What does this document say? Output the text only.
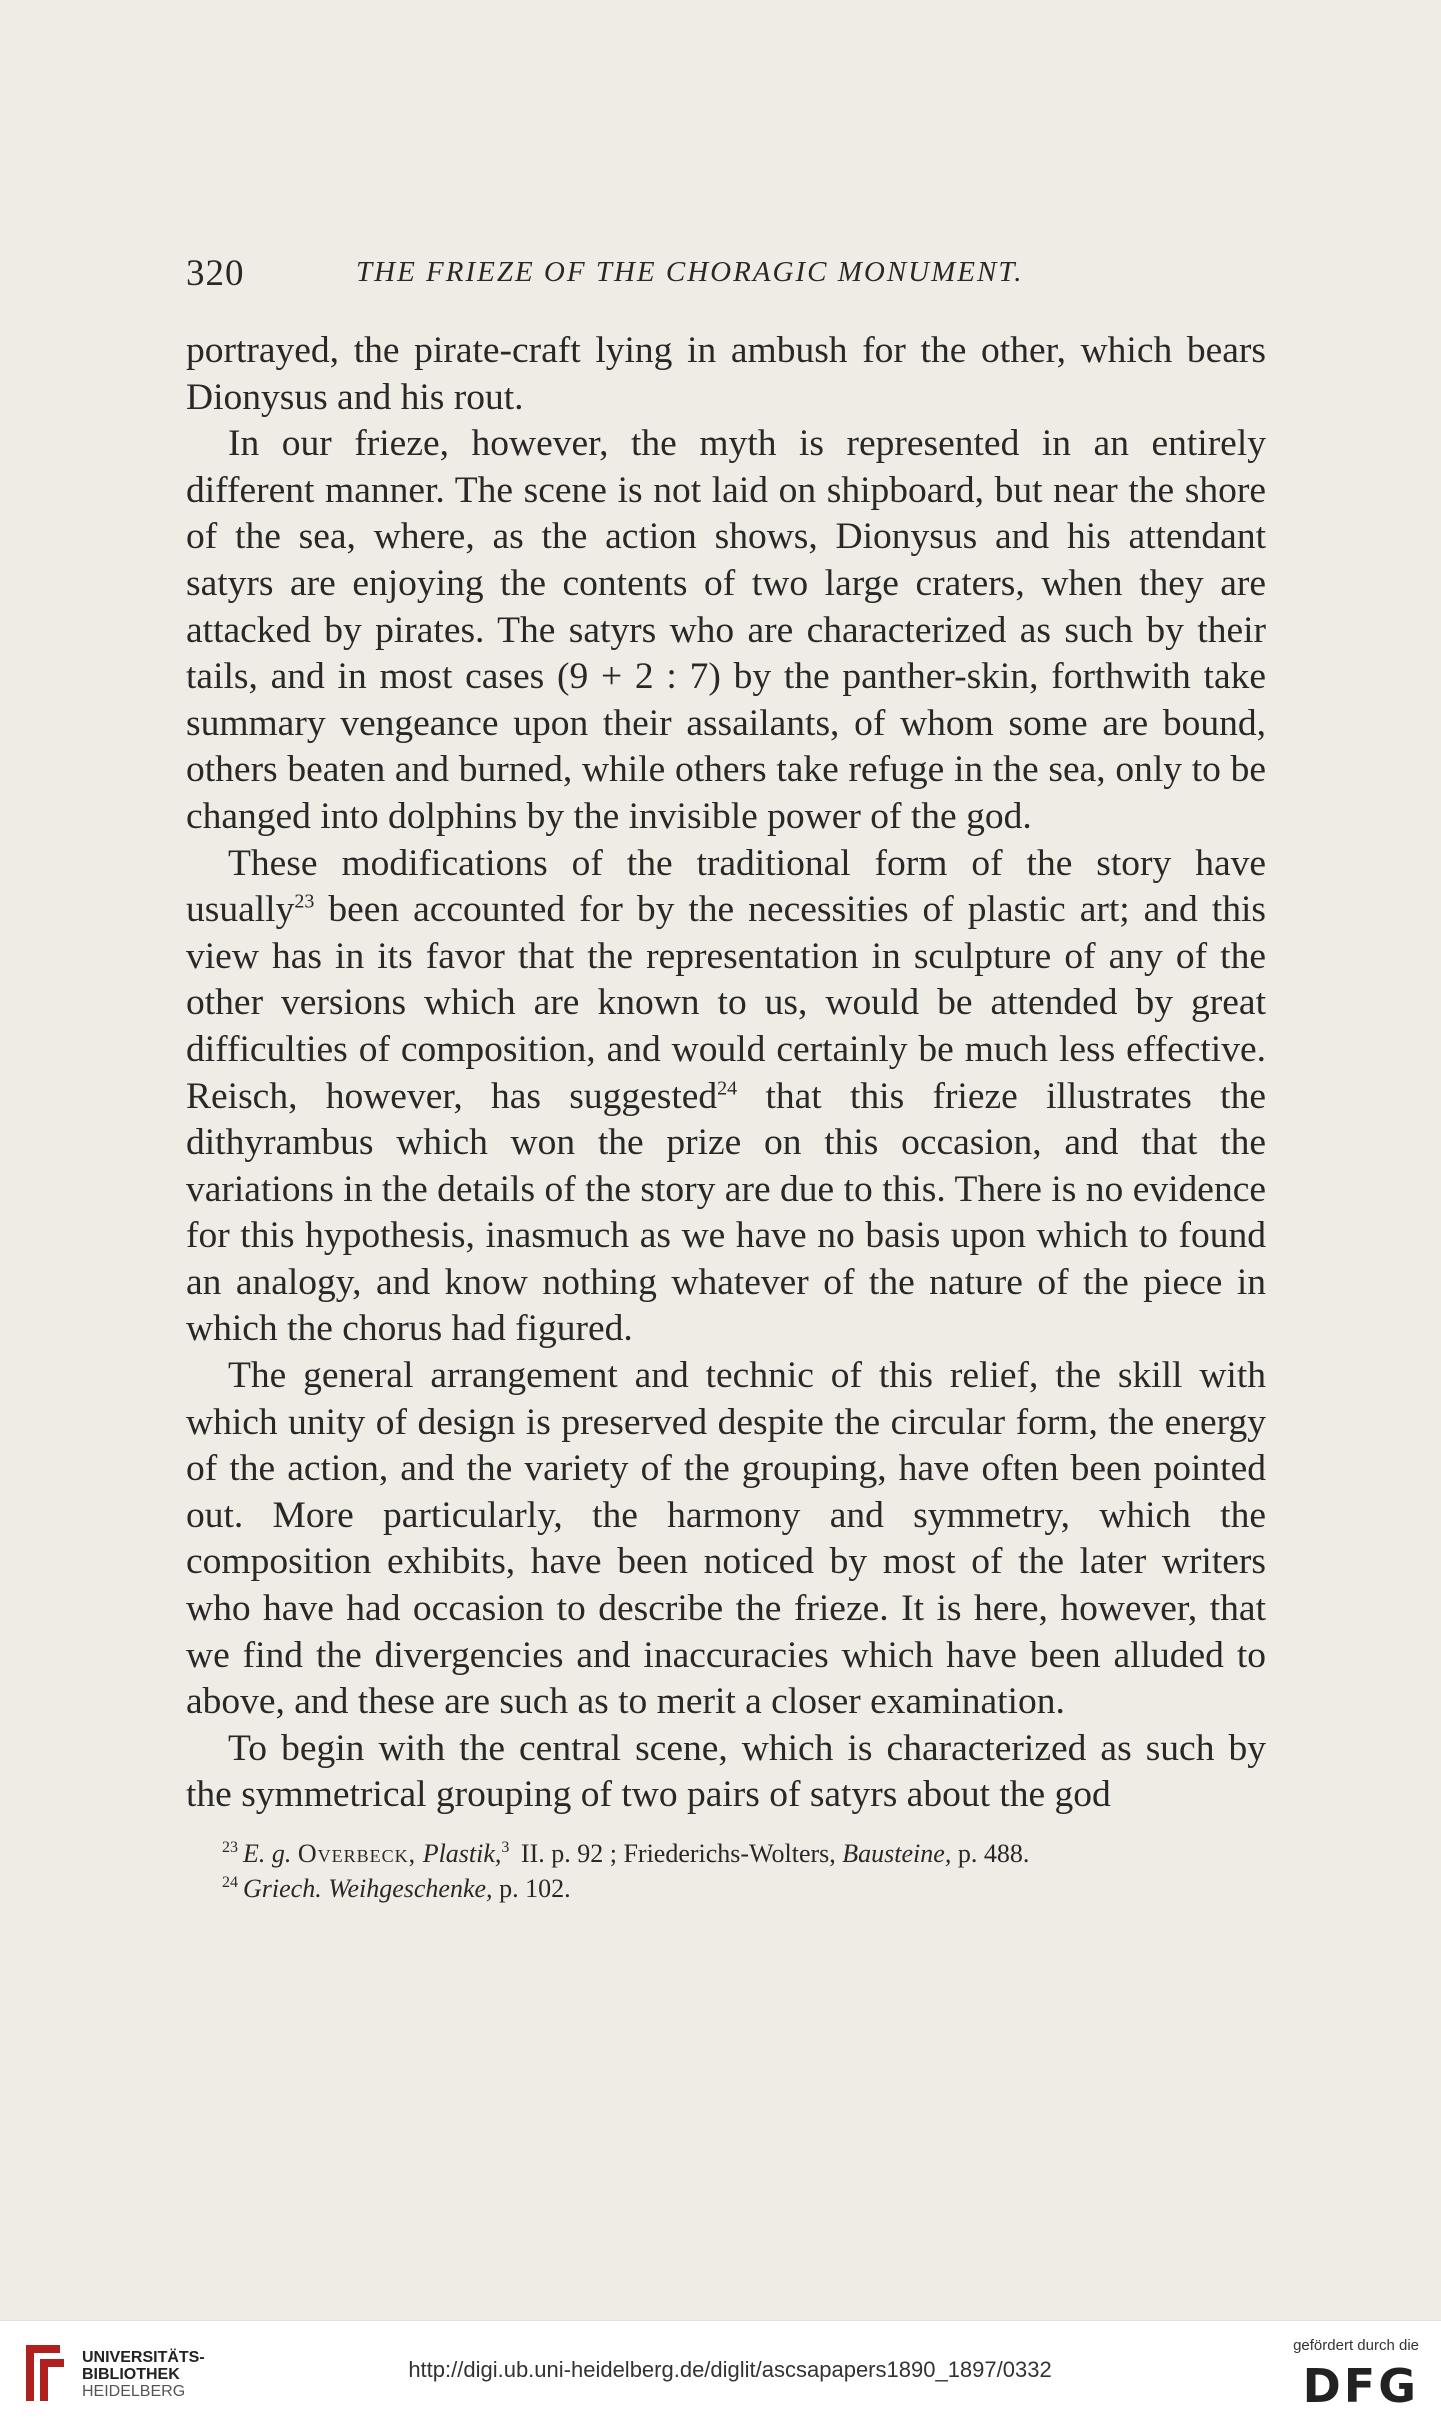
320	THE FRIEZE OF THE CHORAGIC MONUMENT.

portrayed, the pirate-craft lying in ambush for the other, which bears Dionysus and his rout.

In our frieze, however, the myth is represented in an entirely different manner. The scene is not laid on shipboard, but near the shore of the sea, where, as the action shows, Dionysus and his attendant satyrs are enjoying the contents of two large craters, when they are attacked by pirates. The satyrs who are characterized as such by their tails, and in most cases (9 + 2 : 7) by the panther-skin, forthwith take summary vengeance upon their assailants, of whom some are bound, others beaten and burned, while others take refuge in the sea, only to be changed into dolphins by the invisible power of the god.

These modifications of the traditional form of the story have usually$^{23}$ been accounted for by the necessities of plastic art; and this view has in its favor that the representation in sculpture of any of the other versions which are known to us, would be attended by great difficulties of composition, and would certainly be much less effective. Reisch, however, has suggested$^{24}$ that this frieze illustrates the dithyrambus which won the prize on this occasion, and that the variations in the details of the story are due to this. There is no evidence for this hypothesis, inasmuch as we have no basis upon which to found an analogy, and know nothing whatever of the nature of the piece in which the chorus had figured.

The general arrangement and technic of this relief, the skill with which unity of design is preserved despite the circular form, the energy of the action, and the variety of the grouping, have often been pointed out. More particularly, the harmony and symmetry, which the composition exhibits, have been noticed by most of the later writers who have had occasion to describe the frieze. It is here, however, that we find the divergencies and inaccuracies which have been alluded to above, and these are such as to merit a closer examination.

To begin with the central scene, which is characterized as such by the symmetrical grouping of two pairs of satyrs about the god

$^{23}$ E. g. Overbeck, Plastik,$^3$ II. p. 92 ; Friederichs-Wolters, Bausteine, p. 488.

$^{24}$ Griech. Weihgeschenke, p. 102.

UNIVERSITÄTS-
BIBLIOTHEK
HEIDELBERG
http://digi.ub.uni-heidelberg.de/diglit/ascsapapers1890_1897/0332
gefördert durch die
DFG
